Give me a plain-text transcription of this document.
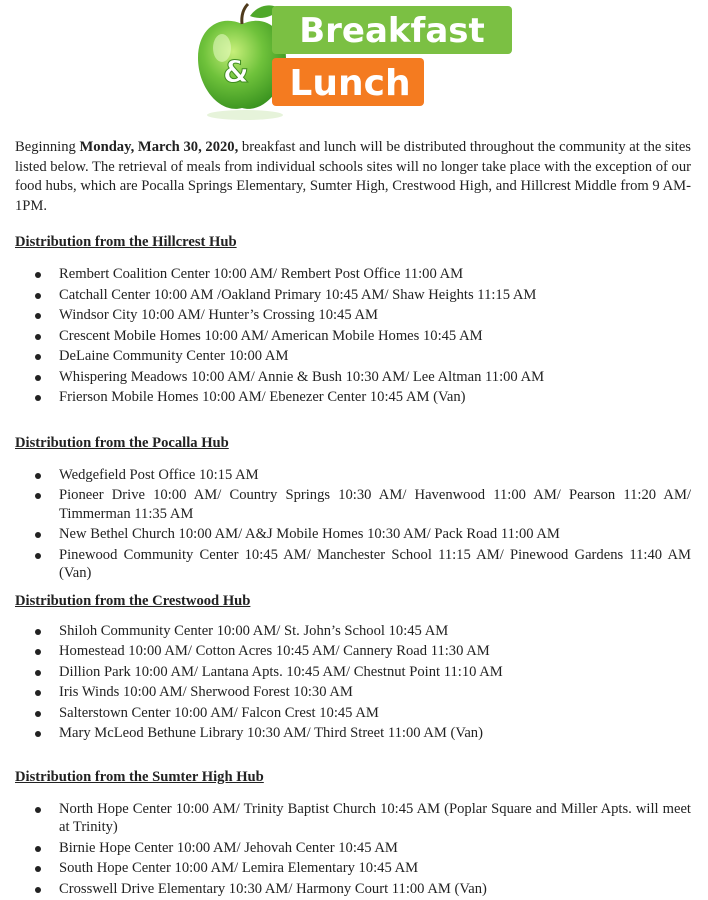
Breakfast
Lunch
&

Beginning Monday, March 30, 2020, breakfast and lunch will be distributed throughout the community at the sites listed below. The retrieval of meals from individual schools sites will no longer take place with the exception of our food hubs, which are Pocalla Springs Elementary, Sumter High, Crestwood High, and Hillcrest Middle from 9 AM-1PM.

Distribution from the Hillcrest Hub
Rembert Coalition Center 10:00 AM/ Rembert Post Office 11:00 AM
Catchall Center 10:00 AM /Oakland Primary 10:45 AM/ Shaw Heights 11:15 AM
Windsor City 10:00 AM/ Hunter’s Crossing 10:45 AM
Crescent Mobile Homes 10:00 AM/ American Mobile Homes 10:45 AM
DeLaine Community Center 10:00 AM
Whispering Meadows 10:00 AM/ Annie & Bush 10:30 AM/ Lee Altman 11:00 AM
Frierson Mobile Homes 10:00 AM/ Ebenezer Center 10:45 AM (Van)
Distribution from the Pocalla Hub
Wedgefield Post Office 10:15 AM
Pioneer Drive 10:00 AM/ Country Springs 10:30 AM/ Havenwood 11:00 AM/ Pearson 11:20 AM/ Timmerman 11:35 AM
New Bethel Church 10:00 AM/ A&J Mobile Homes 10:30 AM/ Pack Road 11:00 AM
Pinewood Community Center 10:45 AM/ Manchester School 11:15 AM/ Pinewood Gardens 11:40 AM (Van)
Distribution from the Crestwood Hub
Shiloh Community Center 10:00 AM/ St. John’s School 10:45 AM
Homestead 10:00 AM/ Cotton Acres 10:45 AM/ Cannery Road 11:30 AM
Dillion Park 10:00 AM/ Lantana Apts. 10:45 AM/ Chestnut Point 11:10 AM
Iris Winds 10:00 AM/ Sherwood Forest 10:30 AM
Salterstown Center 10:00 AM/ Falcon Crest 10:45 AM
Mary McLeod Bethune Library 10:30 AM/ Third Street 11:00 AM (Van)
Distribution from the Sumter High Hub
North Hope Center 10:00 AM/ Trinity Baptist Church 10:45 AM (Poplar Square and Miller Apts. will meet at Trinity)
Birnie Hope Center 10:00 AM/ Jehovah Center 10:45 AM
South Hope Center 10:00 AM/ Lemira Elementary 10:45 AM
Crosswell Drive Elementary 10:30 AM/ Harmony Court 11:00 AM (Van)
